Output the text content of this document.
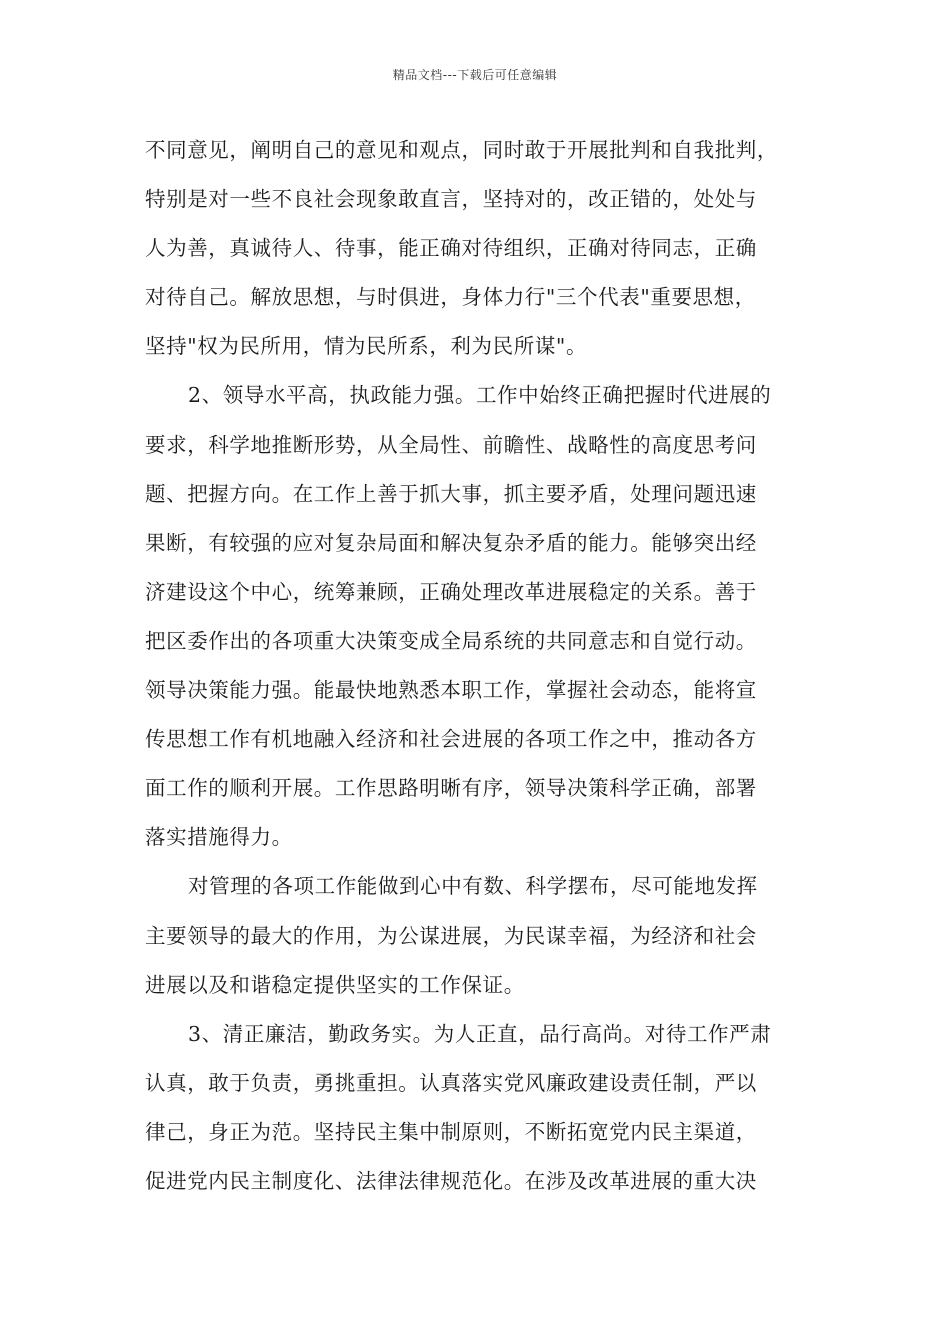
精品文档---下载后可任意编辑
不同意见，阐明自己的意见和观点，同时敢于开展批判和自我批判，
特别是对一些不良社会现象敢直言，坚持对的，改正错的，处处与
人为善，真诚待人、待事，能正确对待组织，正确对待同志，正确
对待自己。解放思想，与时俱进，身体力行"三个代表"重要思想，
坚持"权为民所用，情为民所系，利为民所谋"。
2、领导水平高，执政能力强。工作中始终正确把握时代进展的
要求，科学地推断形势，从全局性、前瞻性、战略性的高度思考问
题、把握方向。在工作上善于抓大事，抓主要矛盾，处理问题迅速
果断，有较强的应对复杂局面和解决复杂矛盾的能力。能够突出经
济建设这个中心，统筹兼顾，正确处理改革进展稳定的关系。善于
把区委作出的各项重大决策变成全局系统的共同意志和自觉行动。
领导决策能力强。能最快地熟悉本职工作，掌握社会动态，能将宣
传思想工作有机地融入经济和社会进展的各项工作之中，推动各方
面工作的顺利开展。工作思路明晰有序，领导决策科学正确，部署
落实措施得力。
对管理的各项工作能做到心中有数、科学摆布，尽可能地发挥
主要领导的最大的作用，为公谋进展，为民谋幸福，为经济和社会
进展以及和谐稳定提供坚实的工作保证。
3、清正廉洁，勤政务实。为人正直，品行高尚。对待工作严肃
认真，敢于负责，勇挑重担。认真落实党风廉政建设责任制，严以
律己，身正为范。坚持民主集中制原则，不断拓宽党内民主渠道，
促进党内民主制度化、法律法律规范化。在涉及改革进展的重大决
